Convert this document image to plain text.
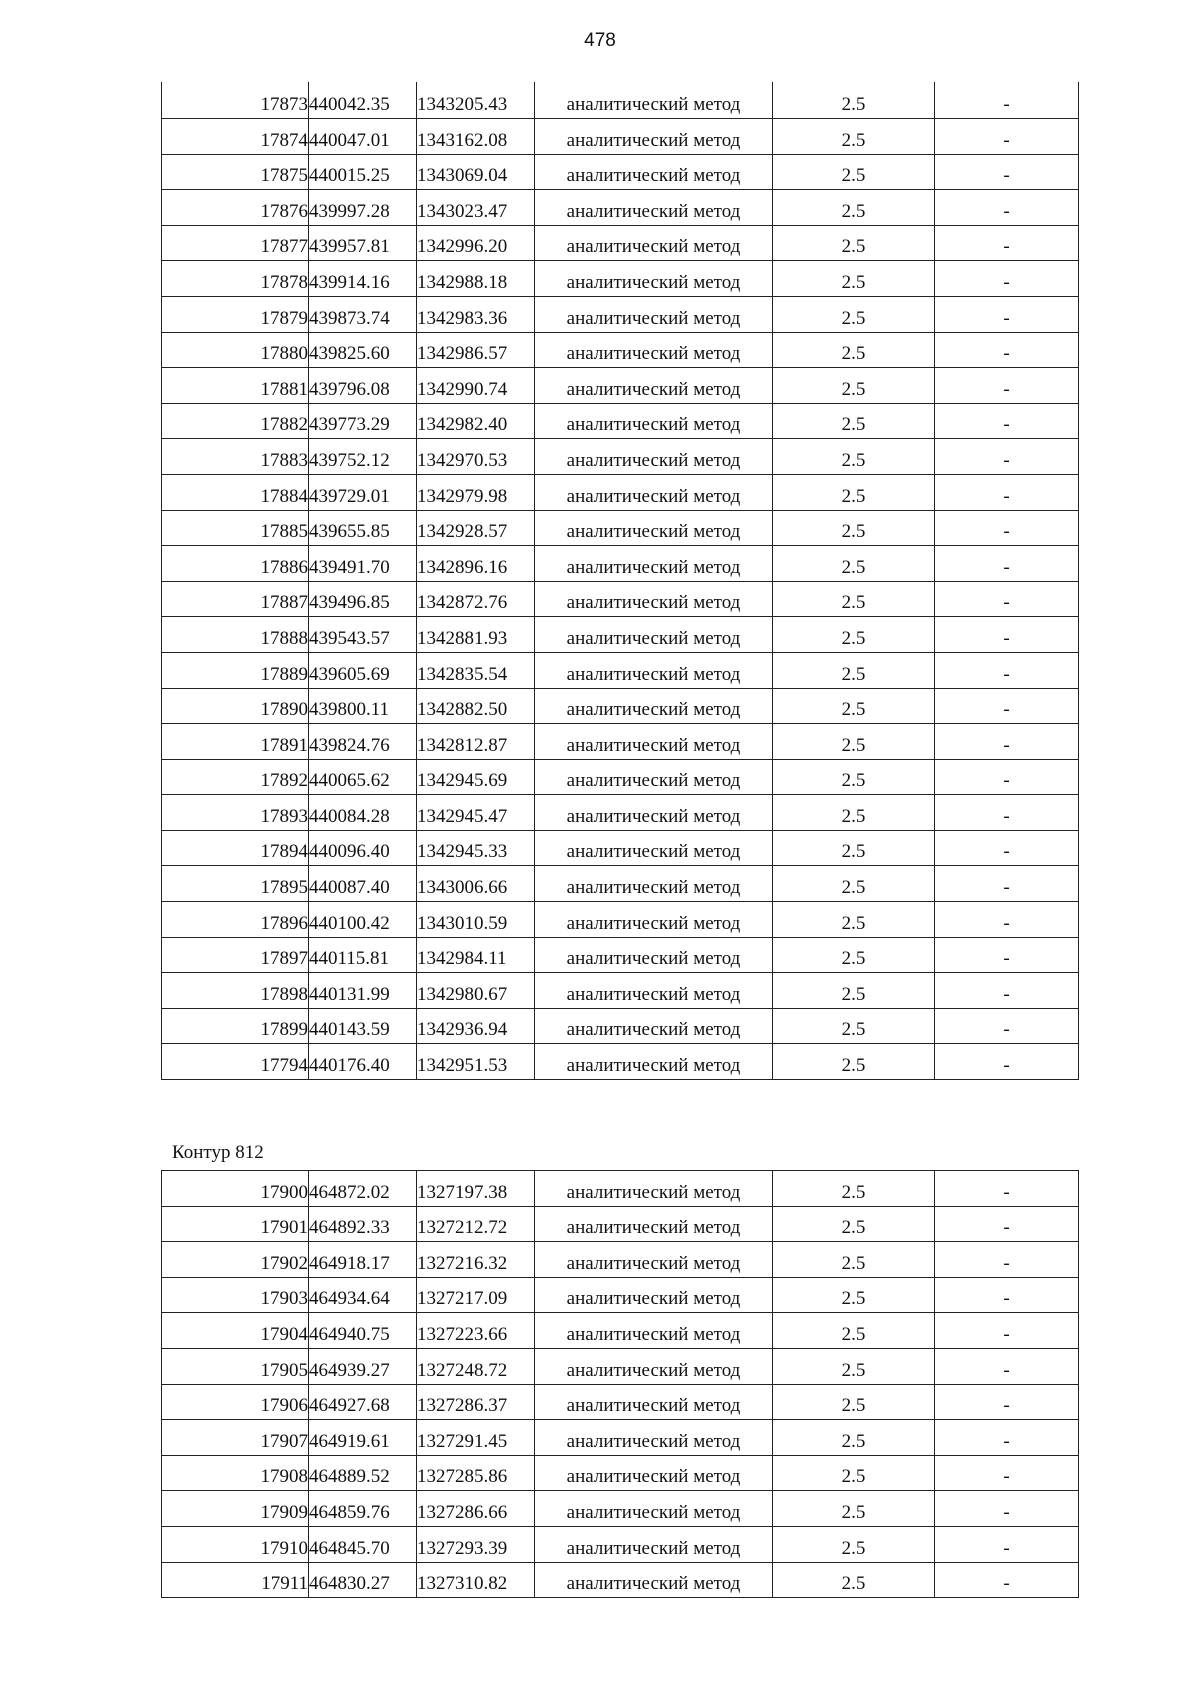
478
17873	440042.35	1343205.43	аналитический метод	2.5	-
17874	440047.01	1343162.08	аналитический метод	2.5	-
17875	440015.25	1343069.04	аналитический метод	2.5	-
17876	439997.28	1343023.47	аналитический метод	2.5	-
17877	439957.81	1342996.20	аналитический метод	2.5	-
17878	439914.16	1342988.18	аналитический метод	2.5	-
17879	439873.74	1342983.36	аналитический метод	2.5	-
17880	439825.60	1342986.57	аналитический метод	2.5	-
17881	439796.08	1342990.74	аналитический метод	2.5	-
17882	439773.29	1342982.40	аналитический метод	2.5	-
17883	439752.12	1342970.53	аналитический метод	2.5	-
17884	439729.01	1342979.98	аналитический метод	2.5	-
17885	439655.85	1342928.57	аналитический метод	2.5	-
17886	439491.70	1342896.16	аналитический метод	2.5	-
17887	439496.85	1342872.76	аналитический метод	2.5	-
17888	439543.57	1342881.93	аналитический метод	2.5	-
17889	439605.69	1342835.54	аналитический метод	2.5	-
17890	439800.11	1342882.50	аналитический метод	2.5	-
17891	439824.76	1342812.87	аналитический метод	2.5	-
17892	440065.62	1342945.69	аналитический метод	2.5	-
17893	440084.28	1342945.47	аналитический метод	2.5	-
17894	440096.40	1342945.33	аналитический метод	2.5	-
17895	440087.40	1343006.66	аналитический метод	2.5	-
17896	440100.42	1343010.59	аналитический метод	2.5	-
17897	440115.81	1342984.11	аналитический метод	2.5	-
17898	440131.99	1342980.67	аналитический метод	2.5	-
17899	440143.59	1342936.94	аналитический метод	2.5	-
17794	440176.40	1342951.53	аналитический метод	2.5	-
Контур 812
17900	464872.02	1327197.38	аналитический метод	2.5	-
17901	464892.33	1327212.72	аналитический метод	2.5	-
17902	464918.17	1327216.32	аналитический метод	2.5	-
17903	464934.64	1327217.09	аналитический метод	2.5	-
17904	464940.75	1327223.66	аналитический метод	2.5	-
17905	464939.27	1327248.72	аналитический метод	2.5	-
17906	464927.68	1327286.37	аналитический метод	2.5	-
17907	464919.61	1327291.45	аналитический метод	2.5	-
17908	464889.52	1327285.86	аналитический метод	2.5	-
17909	464859.76	1327286.66	аналитический метод	2.5	-
17910	464845.70	1327293.39	аналитический метод	2.5	-
17911	464830.27	1327310.82	аналитический метод	2.5	-
